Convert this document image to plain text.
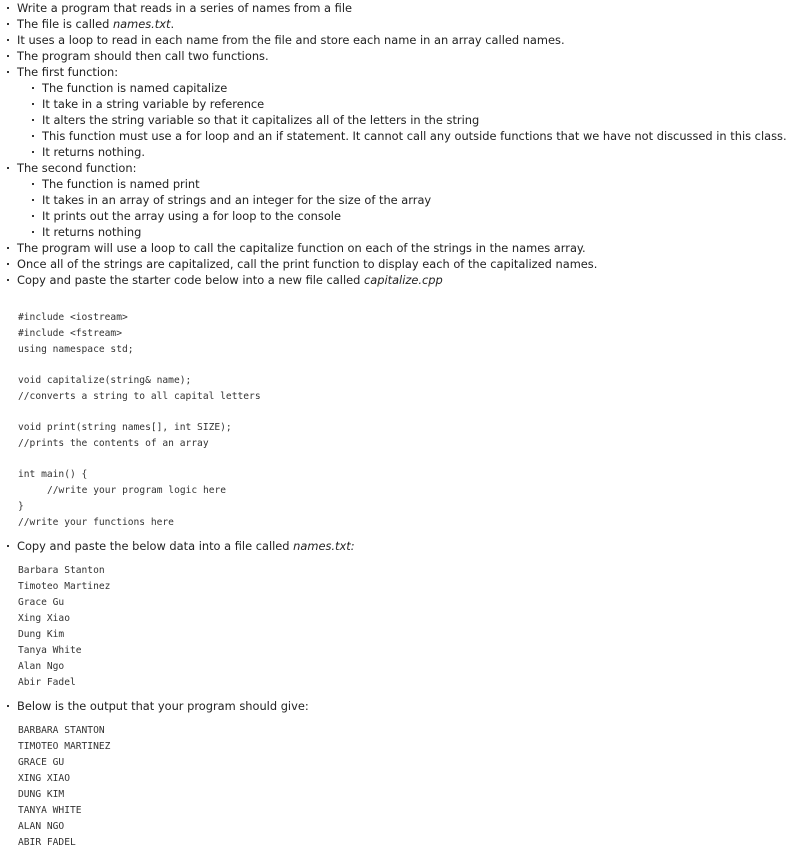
Write a program that reads in a series of names from a file
The file is called names.txt.
It uses a loop to read in each name from the file and store each name in an array called names.
The program should then call two functions.
The first function:
The function is named capitalize
It take in a string variable by reference
It alters the string variable so that it capitalizes all of the letters in the string
This function must use a for loop and an if statement. It cannot call any outside functions that we have not discussed in this class.
It returns nothing.
The second function:
The function is named print
It takes in an array of strings and an integer for the size of the array
It prints out the array using a for loop to the console
It returns nothing
The program will use a loop to call the capitalize function on each of the strings in the names array.
Once all of the strings are capitalized, call the print function to display each of the capitalized names.
Copy and paste the starter code below into a new file called capitalize.cpp
#include <iostream>
#include <fstream>
using namespace std;
void capitalize(string& name);
//converts a string to all capital letters
void print(string names[], int SIZE);
//prints the contents of an array
int main() {
//write your program logic here
}
//write your functions here
Copy and paste the below data into a file called names.txt:
Barbara Stanton
Timoteo Martinez
Grace Gu
Xing Xiao
Dung Kim
Tanya White
Alan Ngo
Abir Fadel
Below is the output that your program should give:
BARBARA STANTON
TIMOTEO MARTINEZ
GRACE GU
XING XIAO
DUNG KIM
TANYA WHITE
ALAN NGO
ABIR FADEL
